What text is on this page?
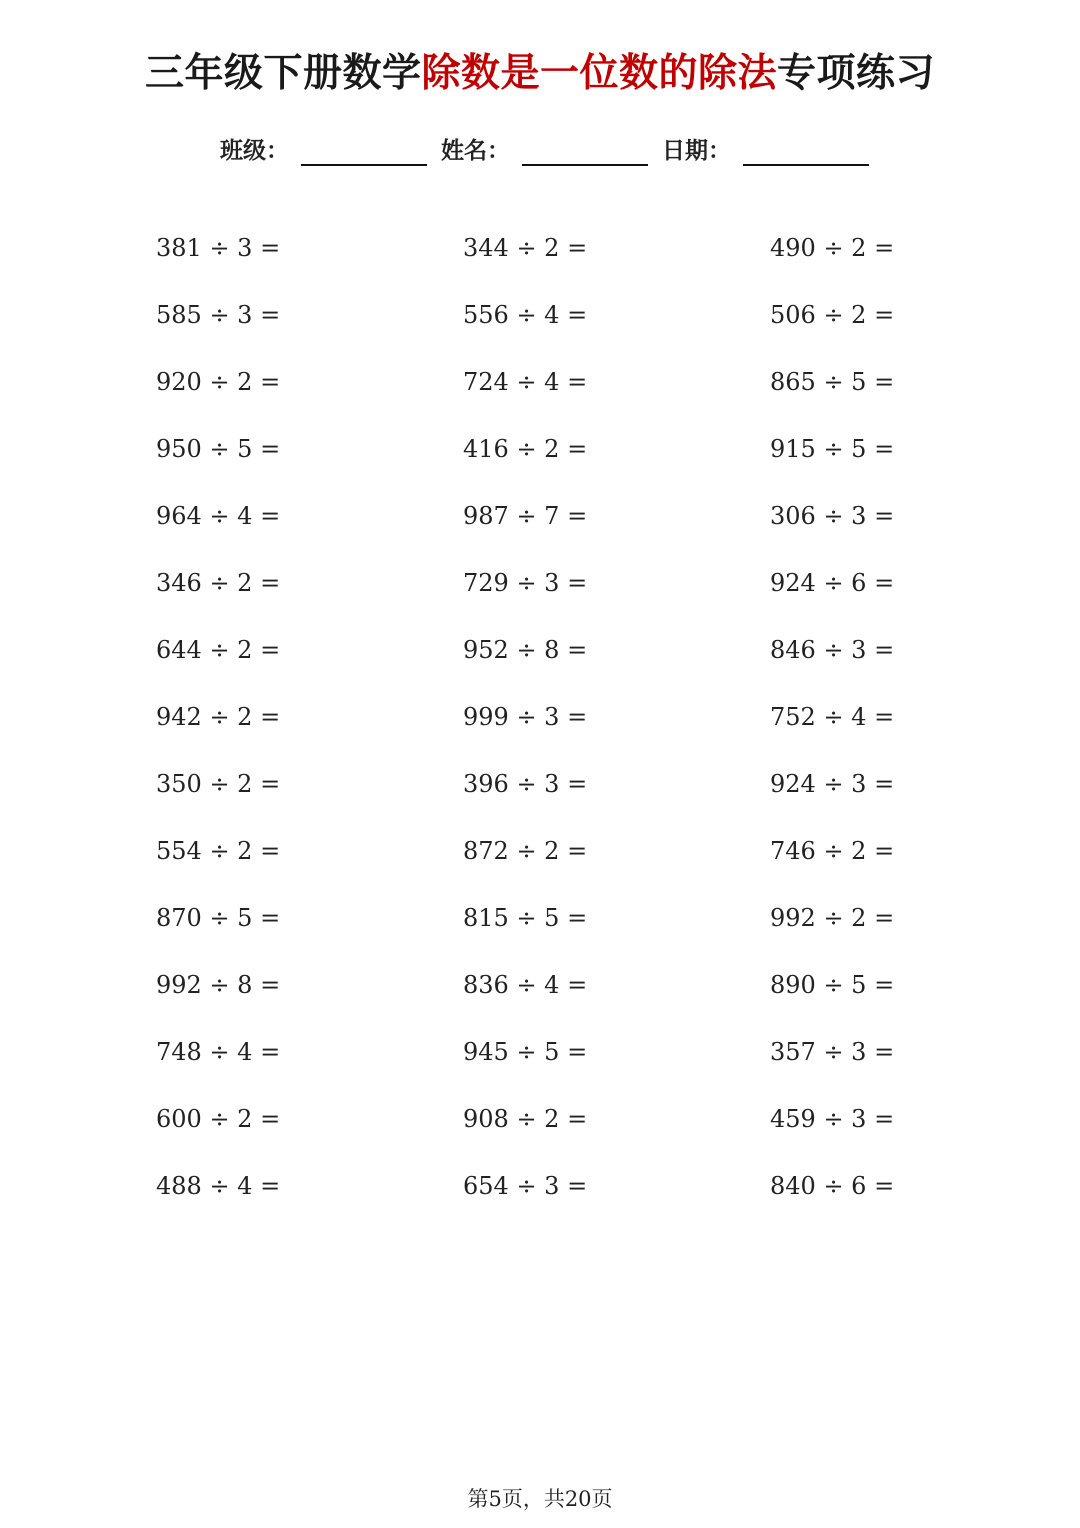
三年级下册数学除数是一位数的除法专项练习
班级：	姓名：	日期：
381 ÷ 3 =	344 ÷ 2 =	490 ÷ 2 =
585 ÷ 3 =	556 ÷ 4 =	506 ÷ 2 =
920 ÷ 2 =	724 ÷ 4 =	865 ÷ 5 =
950 ÷ 5 =	416 ÷ 2 =	915 ÷ 5 =
964 ÷ 4 =	987 ÷ 7 =	306 ÷ 3 =
346 ÷ 2 =	729 ÷ 3 =	924 ÷ 6 =
644 ÷ 2 =	952 ÷ 8 =	846 ÷ 3 =
942 ÷ 2 =	999 ÷ 3 =	752 ÷ 4 =
350 ÷ 2 =	396 ÷ 3 =	924 ÷ 3 =
554 ÷ 2 =	872 ÷ 2 =	746 ÷ 2 =
870 ÷ 5 =	815 ÷ 5 =	992 ÷ 2 =
992 ÷ 8 =	836 ÷ 4 =	890 ÷ 5 =
748 ÷ 4 =	945 ÷ 5 =	357 ÷ 3 =
600 ÷ 2 =	908 ÷ 2 =	459 ÷ 3 =
488 ÷ 4 =	654 ÷ 3 =	840 ÷ 6 =
第5页，共20页
